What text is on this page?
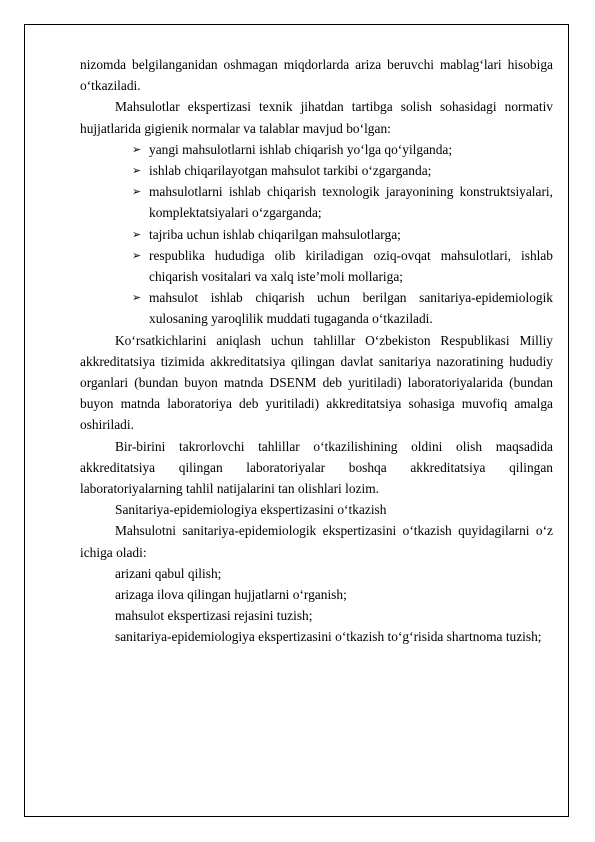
nizomda belgilanganidan oshmagan miqdorlarda ariza beruvchi mablag‘lari hisobiga o‘tkaziladi.

Mahsulotlar ekspertizasi texnik jihatdan tartibga solish sohasidagi normativ hujjatlarida gigienik normalar va talablar mavjud bo‘lgan:

➢ yangi mahsulotlarni ishlab chiqarish yo‘lga qo‘yilganda;
➢ ishlab chiqarilayotgan mahsulot tarkibi o‘zgarganda;
➢ mahsulotlarni ishlab chiqarish texnologik jarayonining konstruktsiyalari, komplektatsiyalari o‘zgarganda;
➢ tajriba uchun ishlab chiqarilgan mahsulotlarga;
➢ respublika hududiga olib kiriladigan oziq-ovqat mahsulotlari, ishlab chiqarish vositalari va xalq iste’moli mollariga;
➢ mahsulot ishlab chiqarish uchun berilgan sanitariya-epidemiologik xulosaning yaroqlilik muddati tugaganda o‘tkaziladi.

Ko‘rsatkichlarini aniqlash uchun tahlillar O‘zbekiston Respublikasi Milliy akkreditatsiya tizimida akkreditatsiya qilingan davlat sanitariya nazoratining hududiy organlari (bundan buyon matnda DSENM deb yuritiladi) laboratoriyalarida (bundan buyon matnda laboratoriya deb yuritiladi) akkreditatsiya sohasiga muvofiq amalga oshiriladi.

Bir-birini takrorlovchi tahlillar o‘tkazilishining oldini olish maqsadida akkreditatsiya qilingan laboratoriyalar boshqa akkreditatsiya qilingan laboratoriyalarning tahlil natijalarini tan olishlari lozim.

Sanitariya-epidemiologiya ekspertizasini o‘tkazish

Mahsulotni sanitariya-epidemiologik ekspertizasini o‘tkazish quyidagilarni o‘z ichiga oladi:

arizani qabul qilish;

arizaga ilova qilingan hujjatlarni o‘rganish;

mahsulot ekspertizasi rejasini tuzish;

sanitariya-epidemiologiya ekspertizasini o‘tkazish to‘g‘risida shartnoma tuzish;
